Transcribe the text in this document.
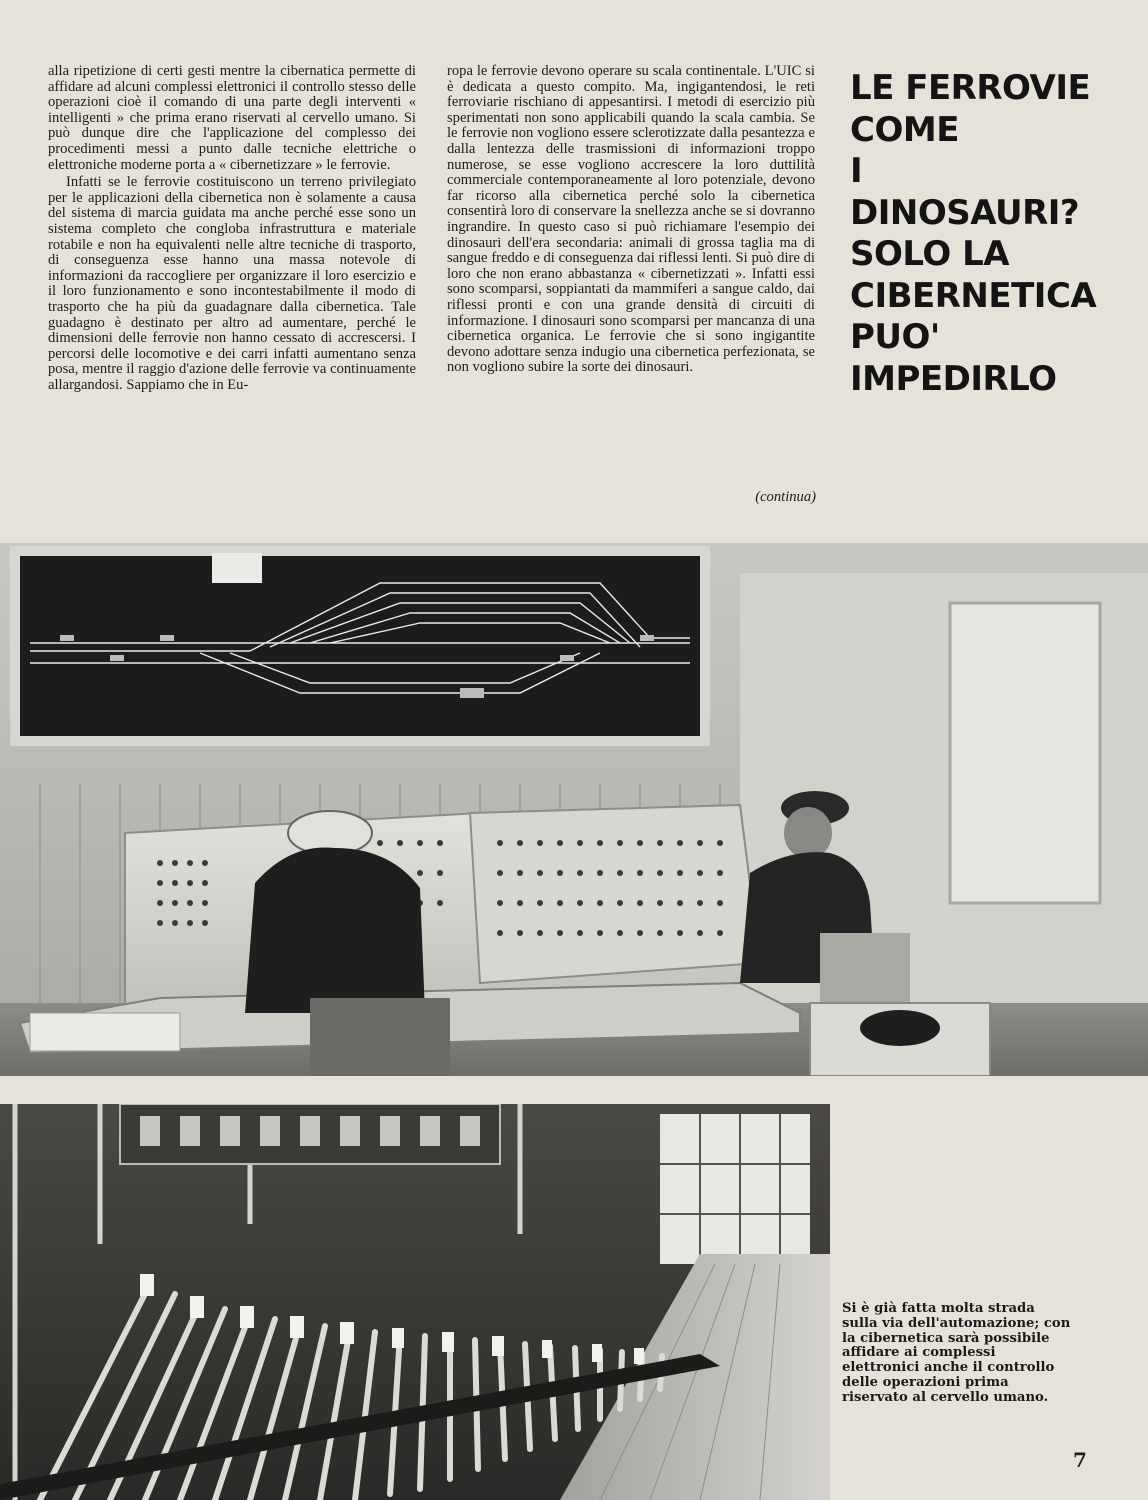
alla ripetizione di certi gesti mentre la cibernatica permette di affidare ad alcuni complessi elettronici il controllo stesso delle operazioni cioè il comando di una parte degli interventi « intelligenti » che prima erano riservati al cervello umano. Si può dunque dire che l'applicazione del complesso dei procedimenti messi a punto dalle tecniche elettriche o elettroniche moderne porta a « cibernetizzare » le ferrovie.

Infatti se le ferrovie costituiscono un terreno privilegiato per le applicazioni della cibernetica non è solamente a causa del sistema di marcia guidata ma anche perché esse sono un sistema completo che congloba infrastruttura e materiale rotabile e non ha equivalenti nelle altre tecniche di trasporto, di conseguenza esse hanno una massa notevole di informazioni da raccogliere per organizzare il loro esercizio e il loro funzionamento e sono incontestabilmente il modo di trasporto che ha più da guadagnare dalla cibernetica. Tale guadagno è destinato per altro ad aumentare, perché le dimensioni delle ferrovie non hanno cessato di accrescersi. I percorsi delle locomotive e dei carri infatti aumentano senza posa, mentre il raggio d'azione delle ferrovie va continuamente allargandosi. Sappiamo che in Eu-

ropa le ferrovie devono operare su scala continentale. L'UIC si è dedicata a questo compito. Ma, ingigantendosi, le reti ferroviarie rischiano di appesantirsi. I metodi di esercizio più sperimentati non sono applicabili quando la scala cambia. Se le ferrovie non vogliono essere sclerotizzate dalla pesantezza e dalla lentezza delle trasmissioni di informazioni troppo numerose, se esse vogliono accrescere la loro duttilità commerciale contemporaneamente al loro potenziale, devono far ricorso alla cibernetica perché solo la cibernetica consentirà loro di conservare la snellezza anche se si dovranno ingrandire. In questo caso si può richiamare l'esempio dei dinosauri dell'era secondaria: animali di grossa taglia ma di sangue freddo e di conseguenza dai riflessi lenti. Si può dire di loro che non erano abbastanza « cibernetizzati ». Infatti essi sono scomparsi, soppiantati da mammiferi a sangue caldo, dai riflessi pronti e con una grande densità di circuiti di informazione. I dinosauri sono scomparsi per mancanza di una cibernetica organica. Le ferrovie che si sono ingigantite devono adottare senza indugio una cibernetica perfezionata, se non vogliono subire la sorte dei dinosauri.

(continua)
LE FERROVIE
COME
I DINOSAURI?
SOLO LA
CIBERNETICA
PUO'
IMPEDIRLO
Si è già fatta molta strada sulla via dell'automazione; con la cibernetica sarà possibile affidare ai complessi elettronici anche il controllo delle operazioni prima riservato al cervello umano.
7
